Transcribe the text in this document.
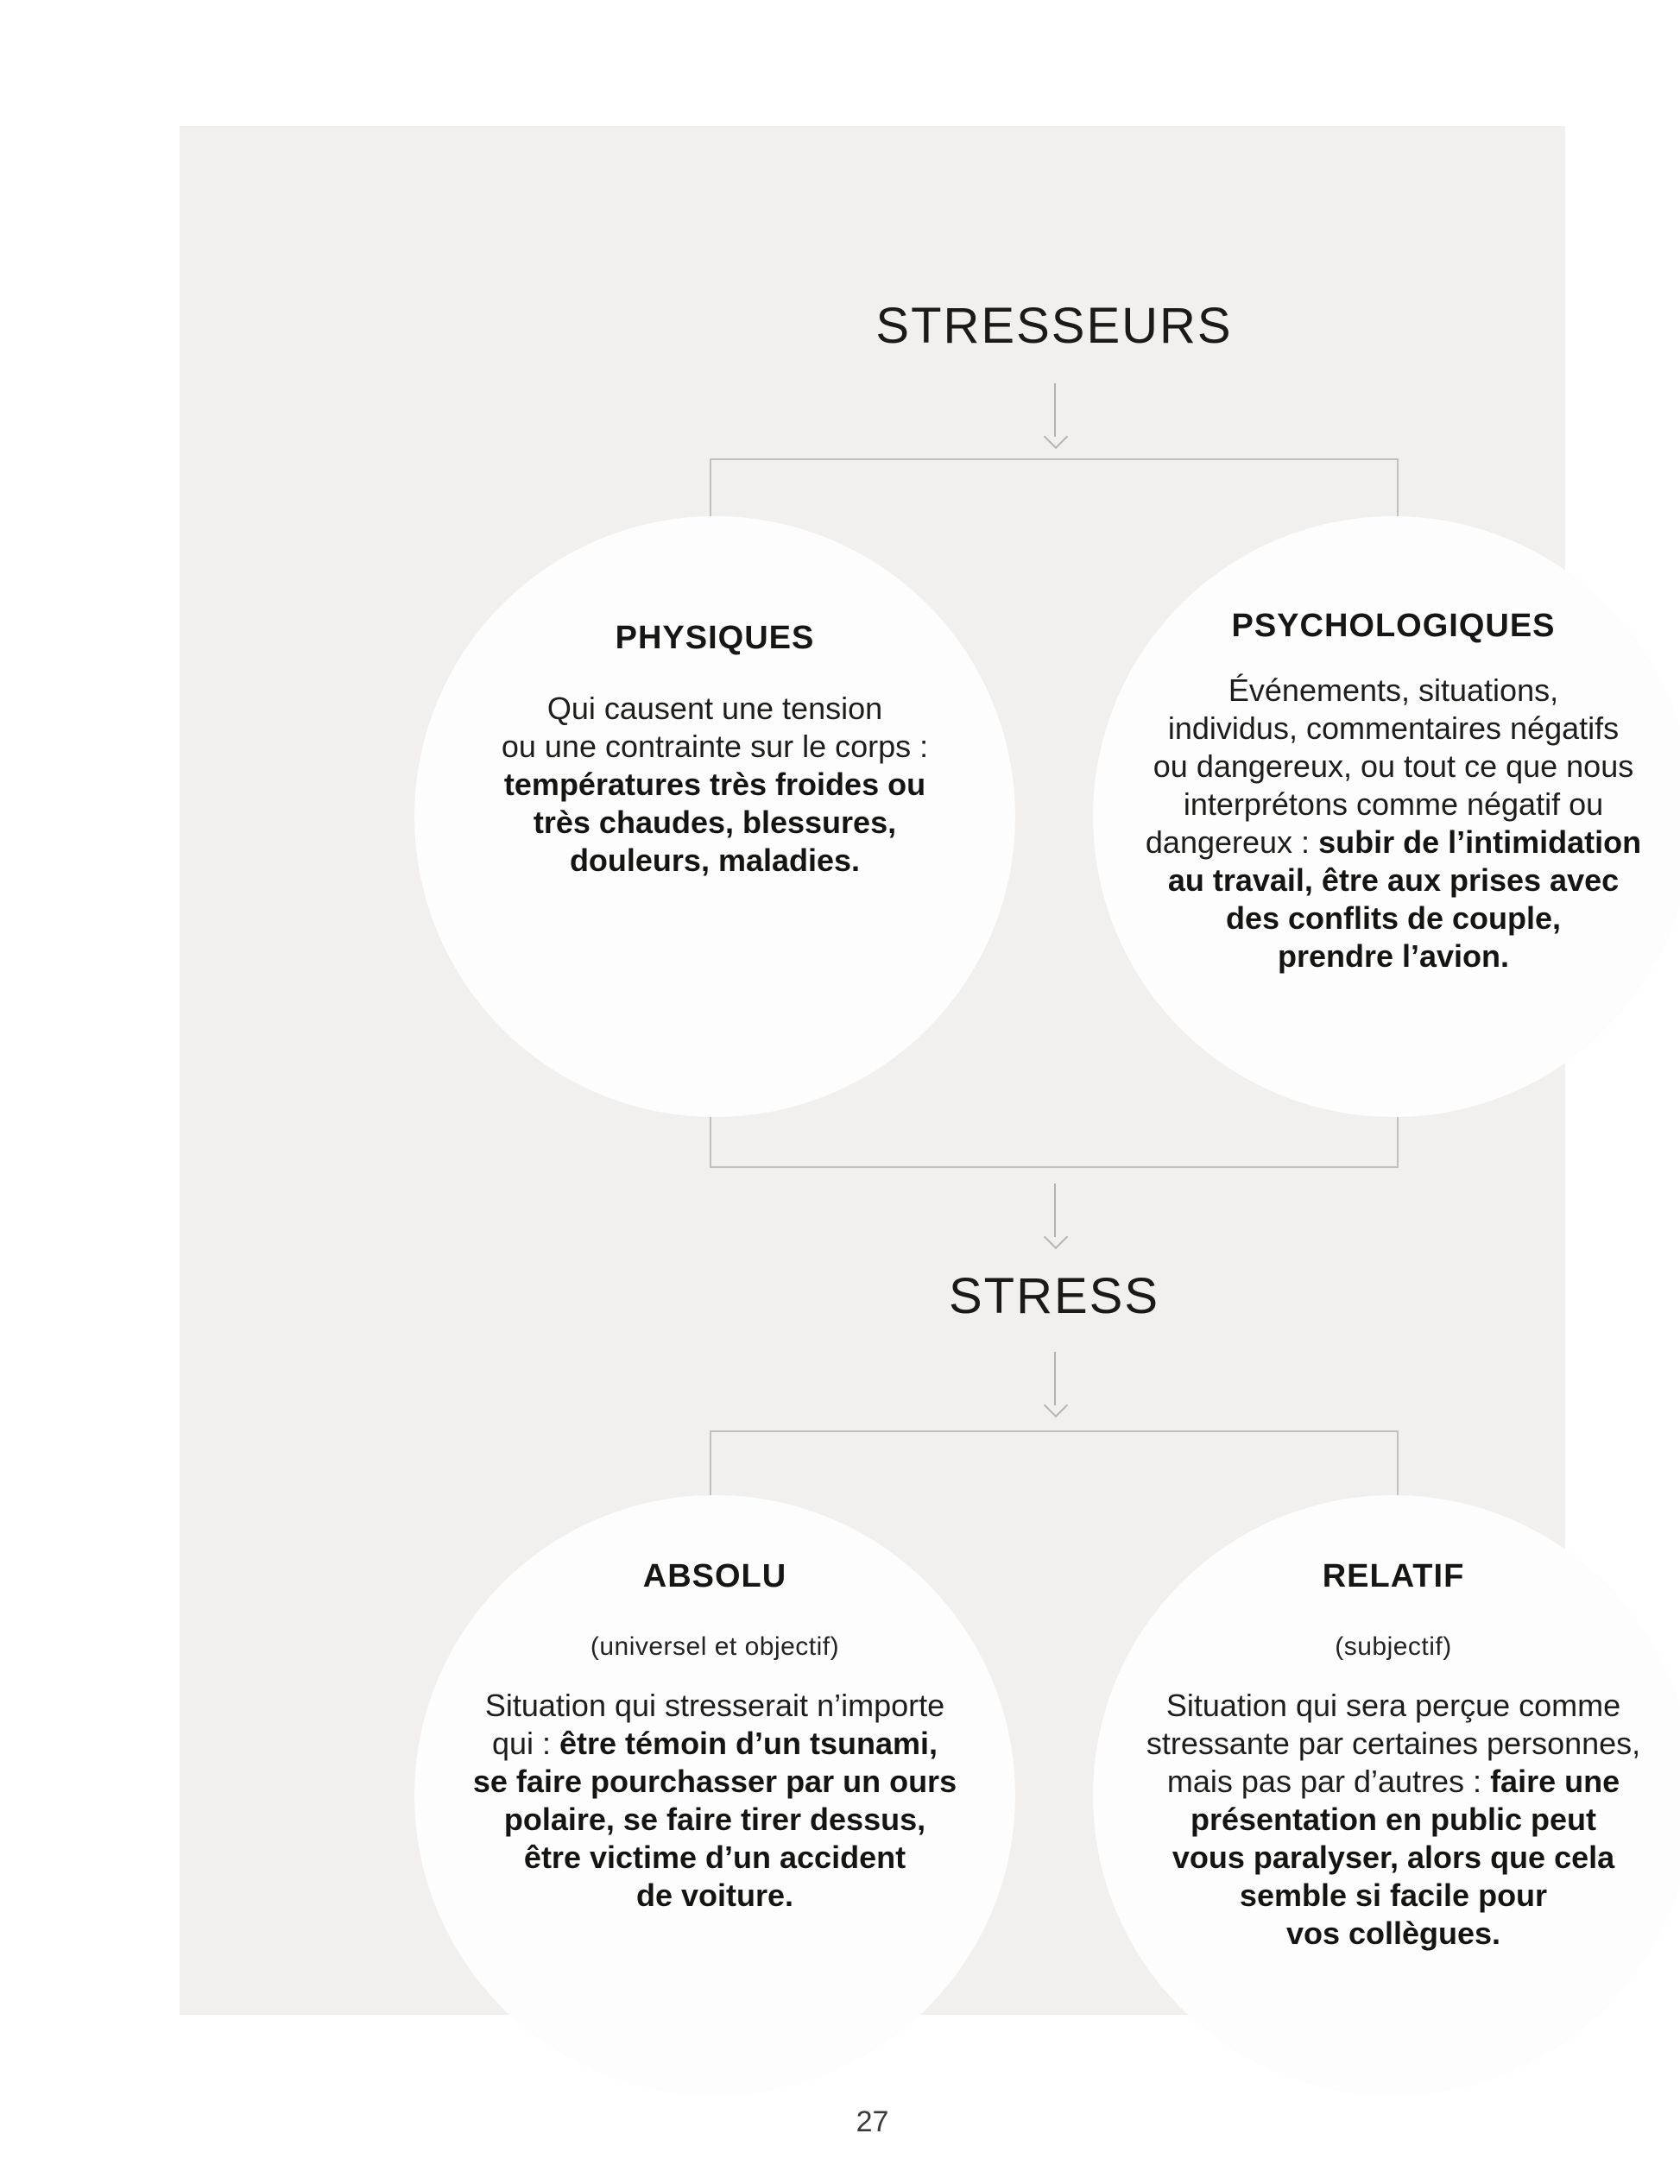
STRESSEURS
PHYSIQUES
Qui causent une tension
ou une contrainte sur le corps :
températures très froides ou
très chaudes, blessures,
douleurs, maladies.
PSYCHOLOGIQUES
Événements, situations,
individus, commentaires négatifs
ou dangereux, ou tout ce que nous
interprétons comme négatif ou
dangereux : subir de l’intimidation
au travail, être aux prises avec
des conflits de couple,
prendre l’avion.
STRESS
ABSOLU
(universel et objectif)
Situation qui stresserait n’importe
qui : être témoin d’un tsunami,
se faire pourchasser par un ours
polaire, se faire tirer dessus,
être victime d’un accident
de voiture.
RELATIF
(subjectif)
Situation qui sera perçue comme
stressante par certaines personnes,
mais pas par d’autres : faire une
présentation en public peut
vous paralyser, alors que cela
semble si facile pour
vos collègues.
27
